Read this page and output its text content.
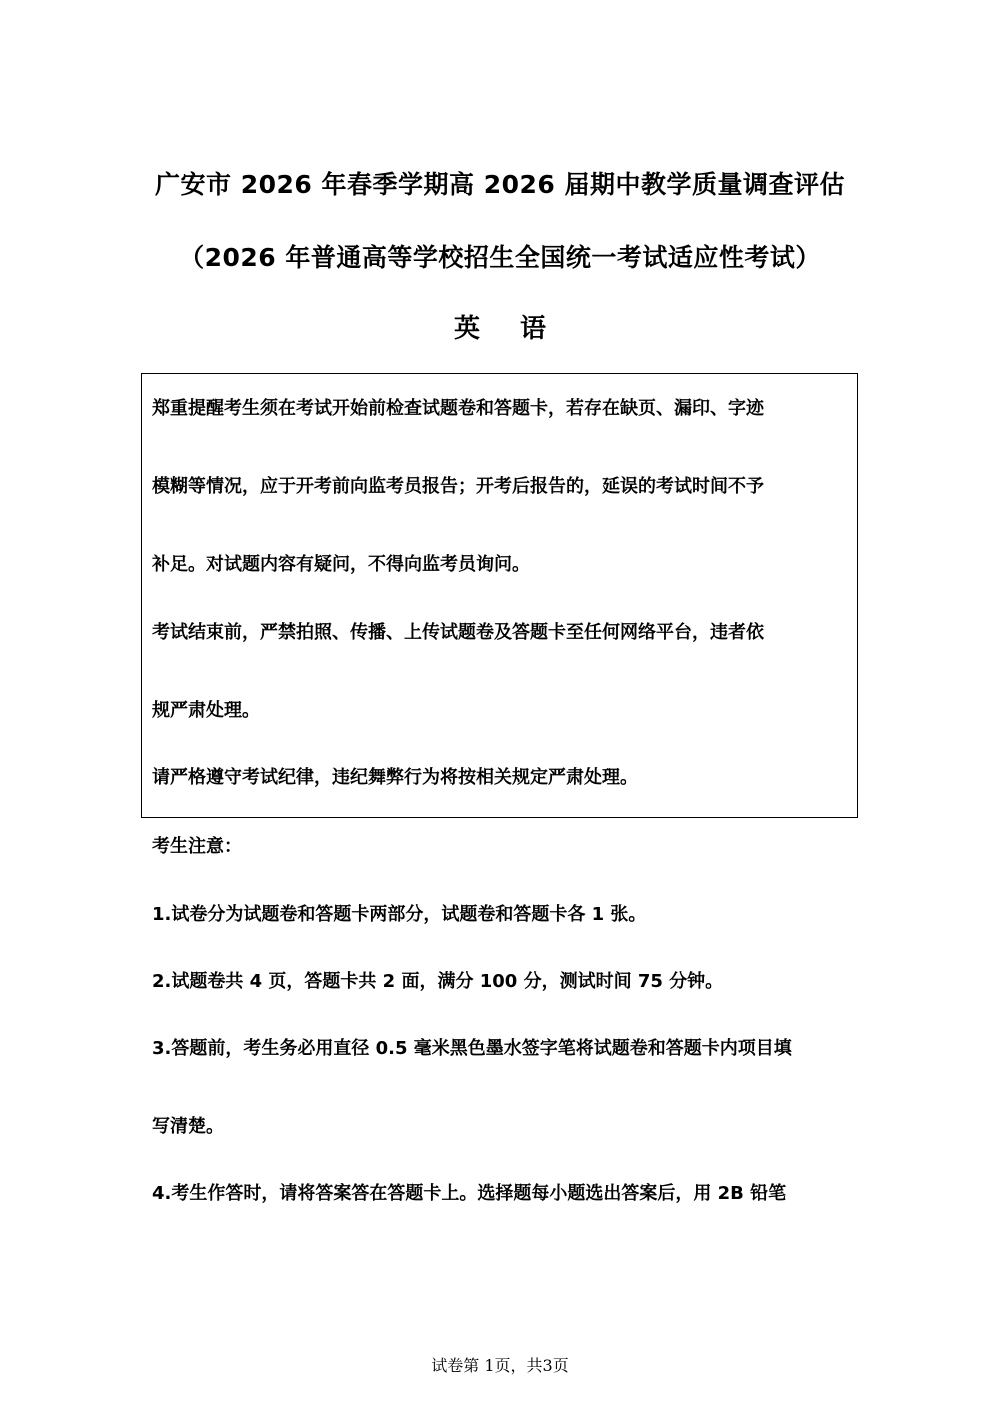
广安市 2026 年春季学期高 2026 届期中教学质量调查评估
（2026 年普通高等学校招生全国统一考试适应性考试）
英 语
郑重提醒考生须在考试开始前检查试题卷和答题卡，若存在缺页、漏印、字迹
模糊等情况，应于开考前向监考员报告；开考后报告的，延误的考试时间不予
补足。对试题内容有疑问，不得向监考员询问。
考试结束前，严禁拍照、传播、上传试题卷及答题卡至任何网络平台，违者依
规严肃处理。
请严格遵守考试纪律，违纪舞弊行为将按相关规定严肃处理。
考生注意：
1.试卷分为试题卷和答题卡两部分，试题卷和答题卡各 1 张。
2.试题卷共 4 页，答题卡共 2 面，满分 100 分，测试时间 75 分钟。
3.答题前，考生务必用直径 0.5 毫米黑色墨水签字笔将试题卷和答题卡内项目填
写清楚。
4.考生作答时，请将答案答在答题卡上。选择题每小题选出答案后，用 2B 铅笔
试卷第 1页，共3页
